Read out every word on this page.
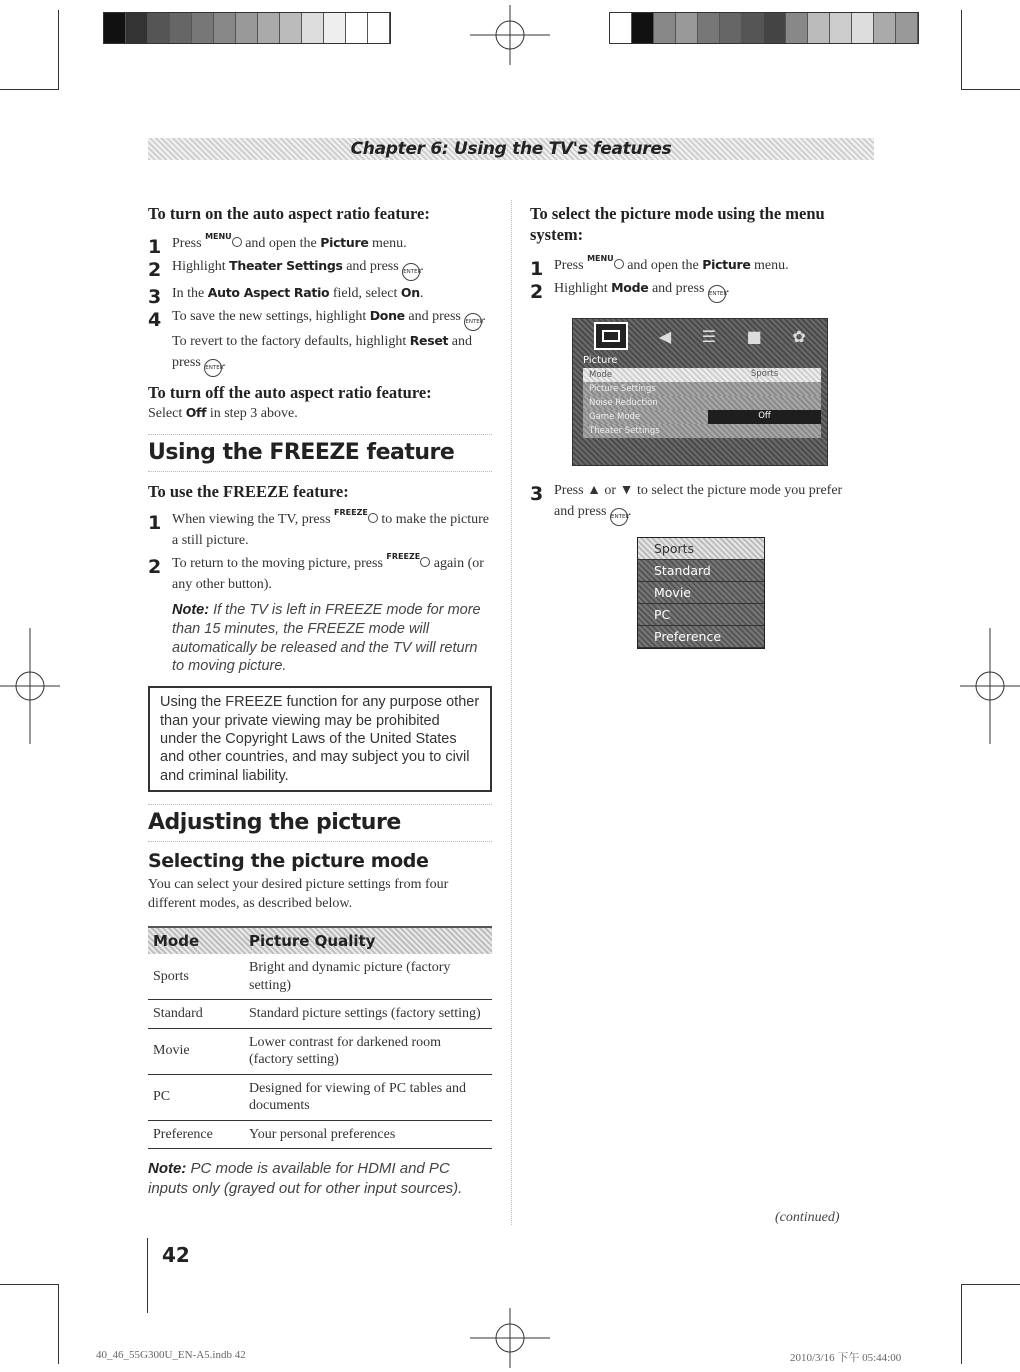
Chapter 6: Using the TV's features
To turn on the auto aspect ratio feature:
1 Press $^{MENU}$ and open the Picture menu.
2 Highlight Theater Settings and press ENTER.
3 In the Auto Aspect Ratio field, select On.
4 To save the new settings, highlight Done and press ENTER. To revert to the factory defaults, highlight Reset and press ENTER.
To turn off the auto aspect ratio feature:
Select Off in step 3 above.
Using the FREEZE feature
To use the FREEZE feature:
1 When viewing the TV, press $^{FREEZE}$ to make the picture a still picture.
2 To return to the moving picture, press $^{FREEZE}$ again (or any other button).
Note: If the TV is left in FREEZE mode for more than 15 minutes, the FREEZE mode will automatically be released and the TV will return to moving picture.
Using the FREEZE function for any purpose other than your private viewing may be prohibited under the Copyright Laws of the United States and other countries, and may subject you to civil and criminal liability.
Adjusting the picture
Selecting the picture mode
You can select your desired picture settings from four different modes, as described below.
Mode	Picture Quality
Sports	Bright and dynamic picture (factory setting)
Standard	Standard picture settings (factory setting)
Movie	Lower contrast for darkened room (factory setting)
PC	Designed for viewing of PC tables and documents
Preference	Your personal preferences
Note: PC mode is available for HDMI and PC inputs only (grayed out for other input sources).
To select the picture mode using the menu system:
1 Press $^{MENU}$ and open the Picture menu.
2 Highlight Mode and press ENTER.
◀ ☰ ■ ✿
Picture
Mode	Sports
Picture Settings
Noise Reduction
Game Mode	Off
Theater Settings
3 Press ▲ or ▼ to select the picture mode you prefer and press ENTER.
Sports
Standard
Movie
PC
Preference
(continued)
42
40_46_55G300U_EN-A5.indb 42	2010/3/16 下午 05:44:00
